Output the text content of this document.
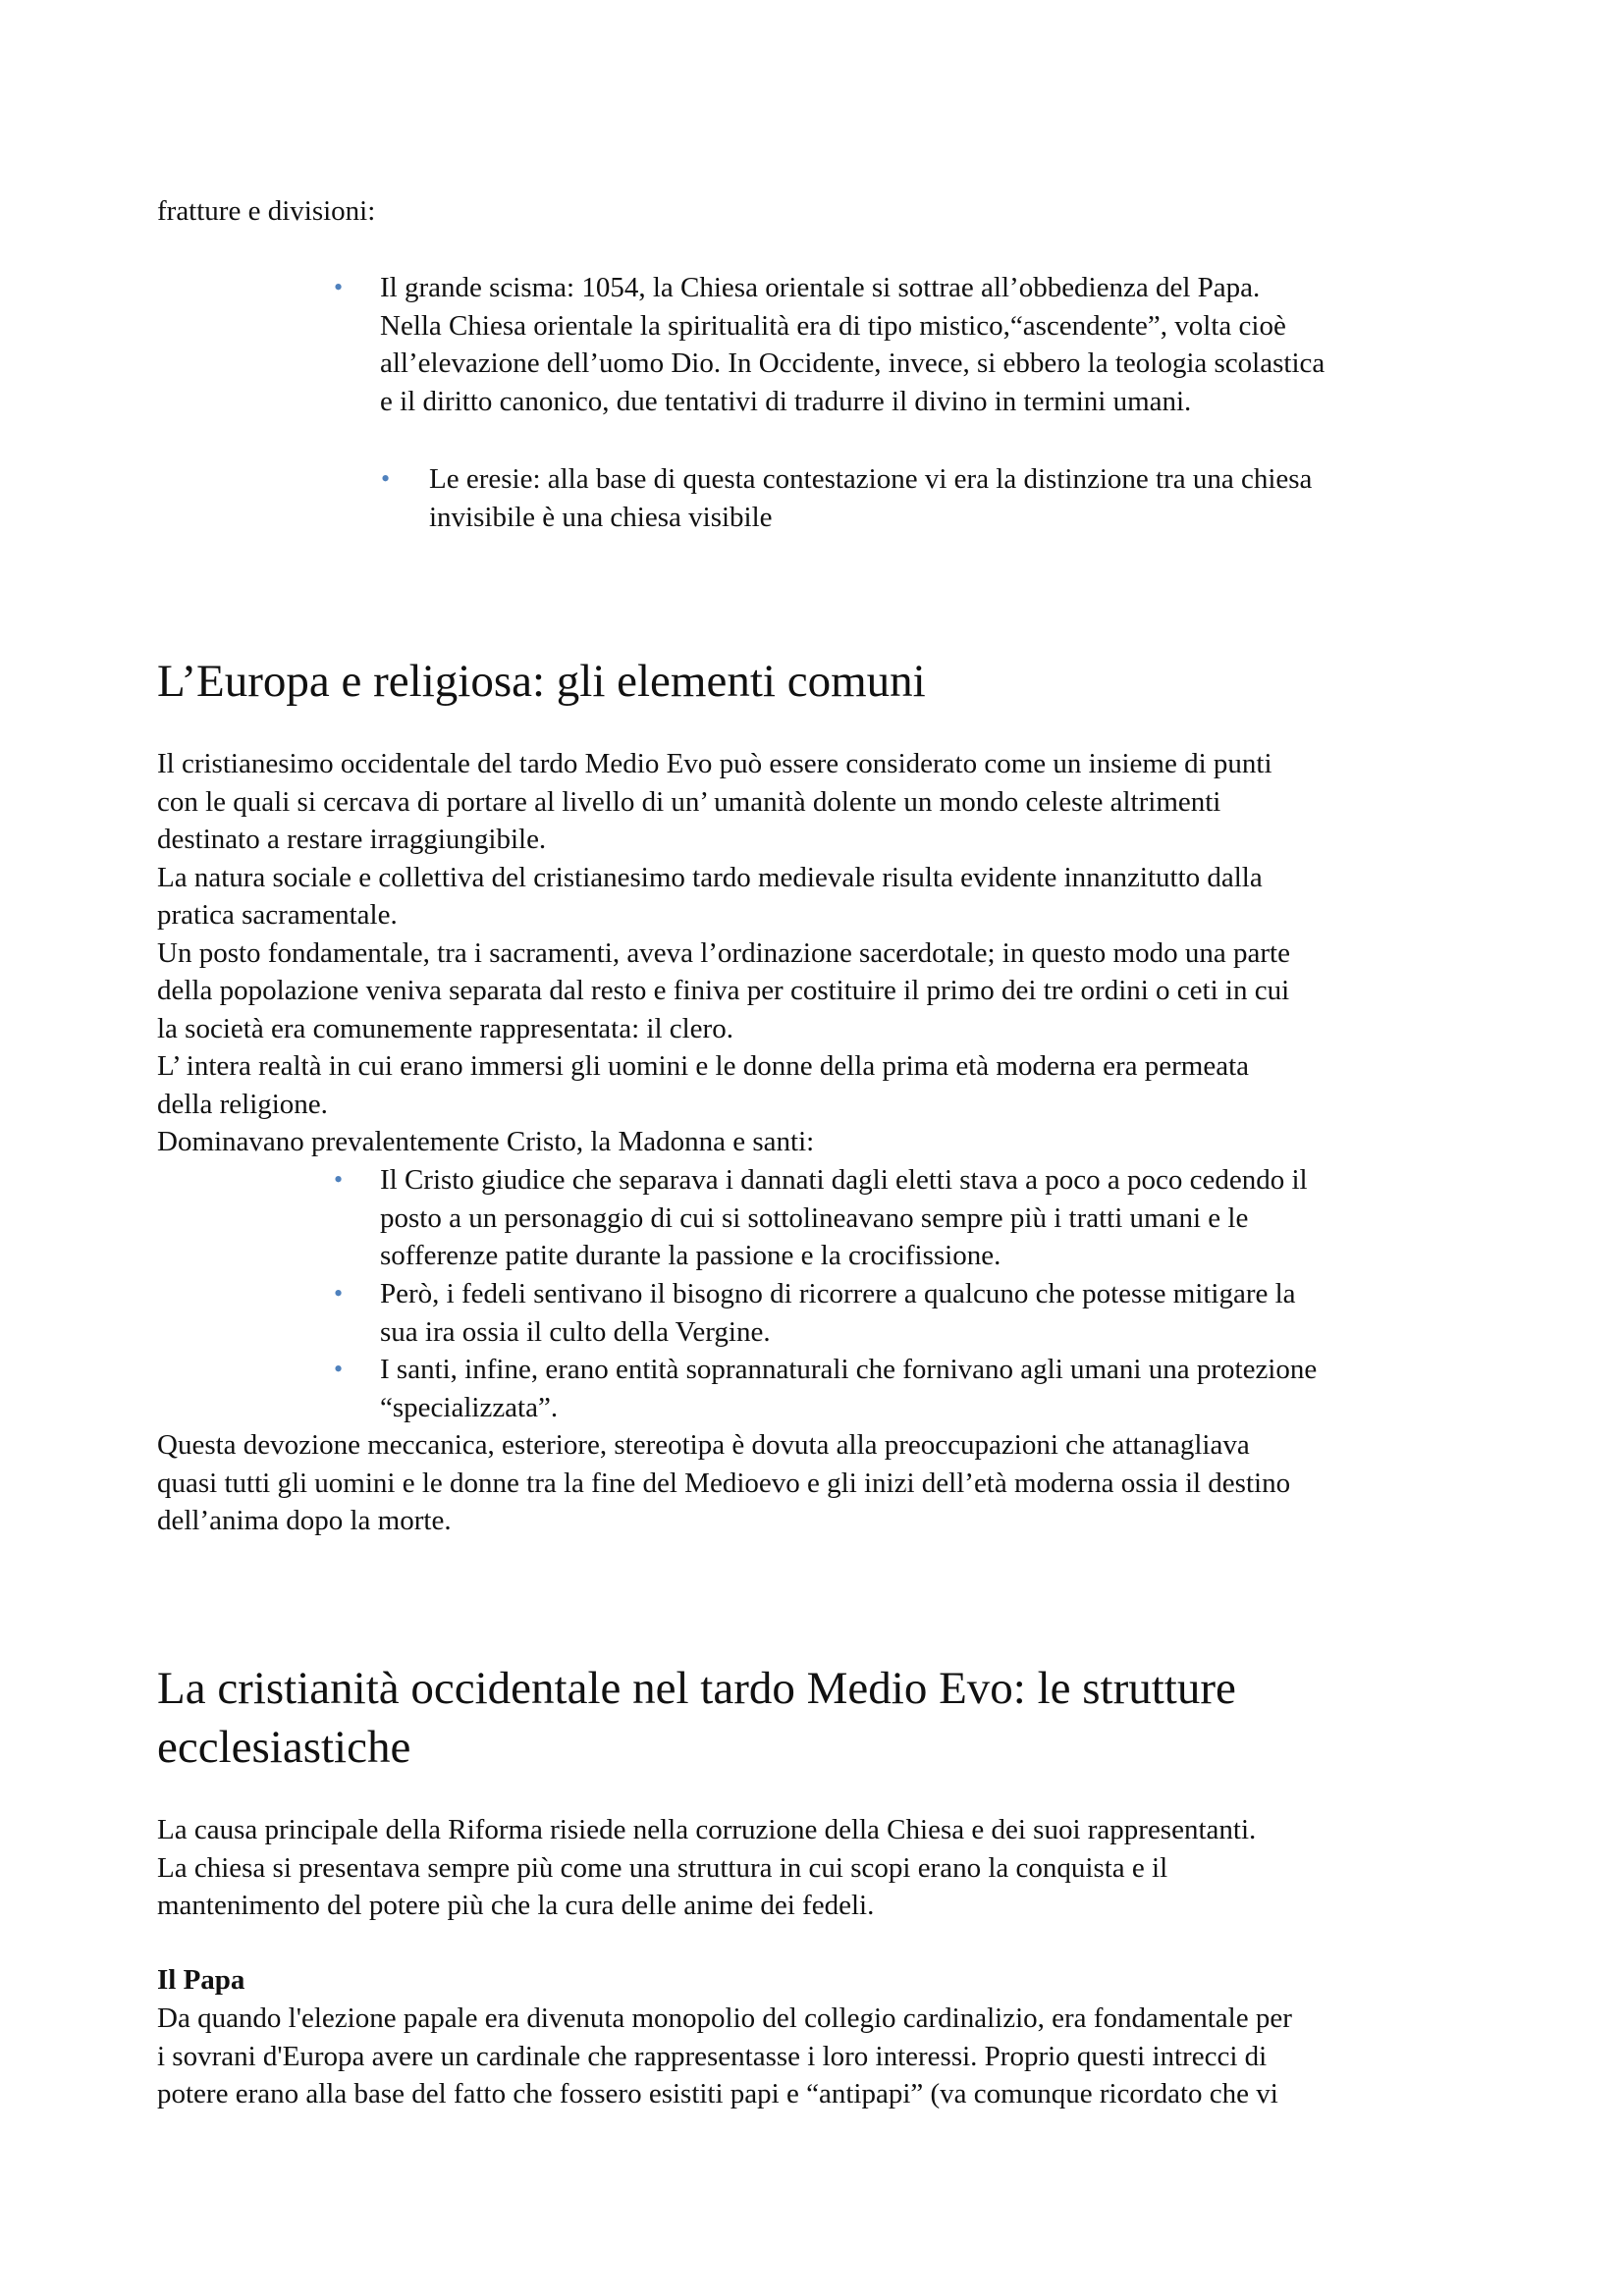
fratture e divisioni:
• Il grande scisma: 1054, la Chiesa orientale si sottrae all’obbedienza del Papa.
Nella Chiesa orientale la spiritualità era di tipo mistico,“ascendente”, volta cioè
all’elevazione dell’uomo Dio. In Occidente, invece, si ebbero la teologia scolastica
e il diritto canonico, due tentativi di tradurre il divino in termini umani.
• Le eresie: alla base di questa contestazione vi era la distinzione tra una chiesa
invisibile è una chiesa visibile
L’Europa e religiosa: gli elementi comuni
Il cristianesimo occidentale del tardo Medio Evo può essere considerato come un insieme di punti
con le quali si cercava di portare al livello di un’ umanità dolente un mondo celeste altrimenti
destinato a restare irraggiungibile.
La natura sociale e collettiva del cristianesimo tardo medievale risulta evidente innanzitutto dalla
pratica sacramentale.
Un posto fondamentale, tra i sacramenti, aveva l’ordinazione sacerdotale; in questo modo una parte
della popolazione veniva separata dal resto e finiva per costituire il primo dei tre ordini o ceti in cui
la società era comunemente rappresentata: il clero.
L’ intera realtà in cui erano immersi gli uomini e le donne della prima età moderna era permeata
della religione.
Dominavano prevalentemente Cristo, la Madonna e santi:
• Il Cristo giudice che separava i dannati dagli eletti stava a poco a poco cedendo il
posto a un personaggio di cui si sottolineavano sempre più i tratti umani e le
sofferenze patite durante la passione e la crocifissione.
• Però, i fedeli sentivano il bisogno di ricorrere a qualcuno che potesse mitigare la
sua ira ossia il culto della Vergine.
• I santi, infine, erano entità soprannaturali che fornivano agli umani una protezione
“specializzata”.
Questa devozione meccanica, esteriore, stereotipa è dovuta alla preoccupazioni che attanagliava
quasi tutti gli uomini e le donne tra la fine del Medioevo e gli inizi dell’età moderna ossia il destino
dell’anima dopo la morte.
La cristianità occidentale nel tardo Medio Evo: le strutture
ecclesiastiche
La causa principale della Riforma risiede nella corruzione della Chiesa e dei suoi rappresentanti.
La chiesa si presentava sempre più come una struttura in cui scopi erano la conquista e il
mantenimento del potere più che la cura delle anime dei fedeli.
Il Papa
Da quando l'elezione papale era divenuta monopolio del collegio cardinalizio, era fondamentale per
i sovrani d'Europa avere un cardinale che rappresentasse i loro interessi. Proprio questi intrecci di
potere erano alla base del fatto che fossero esistiti papi e “antipapi” (va comunque ricordato che vi
